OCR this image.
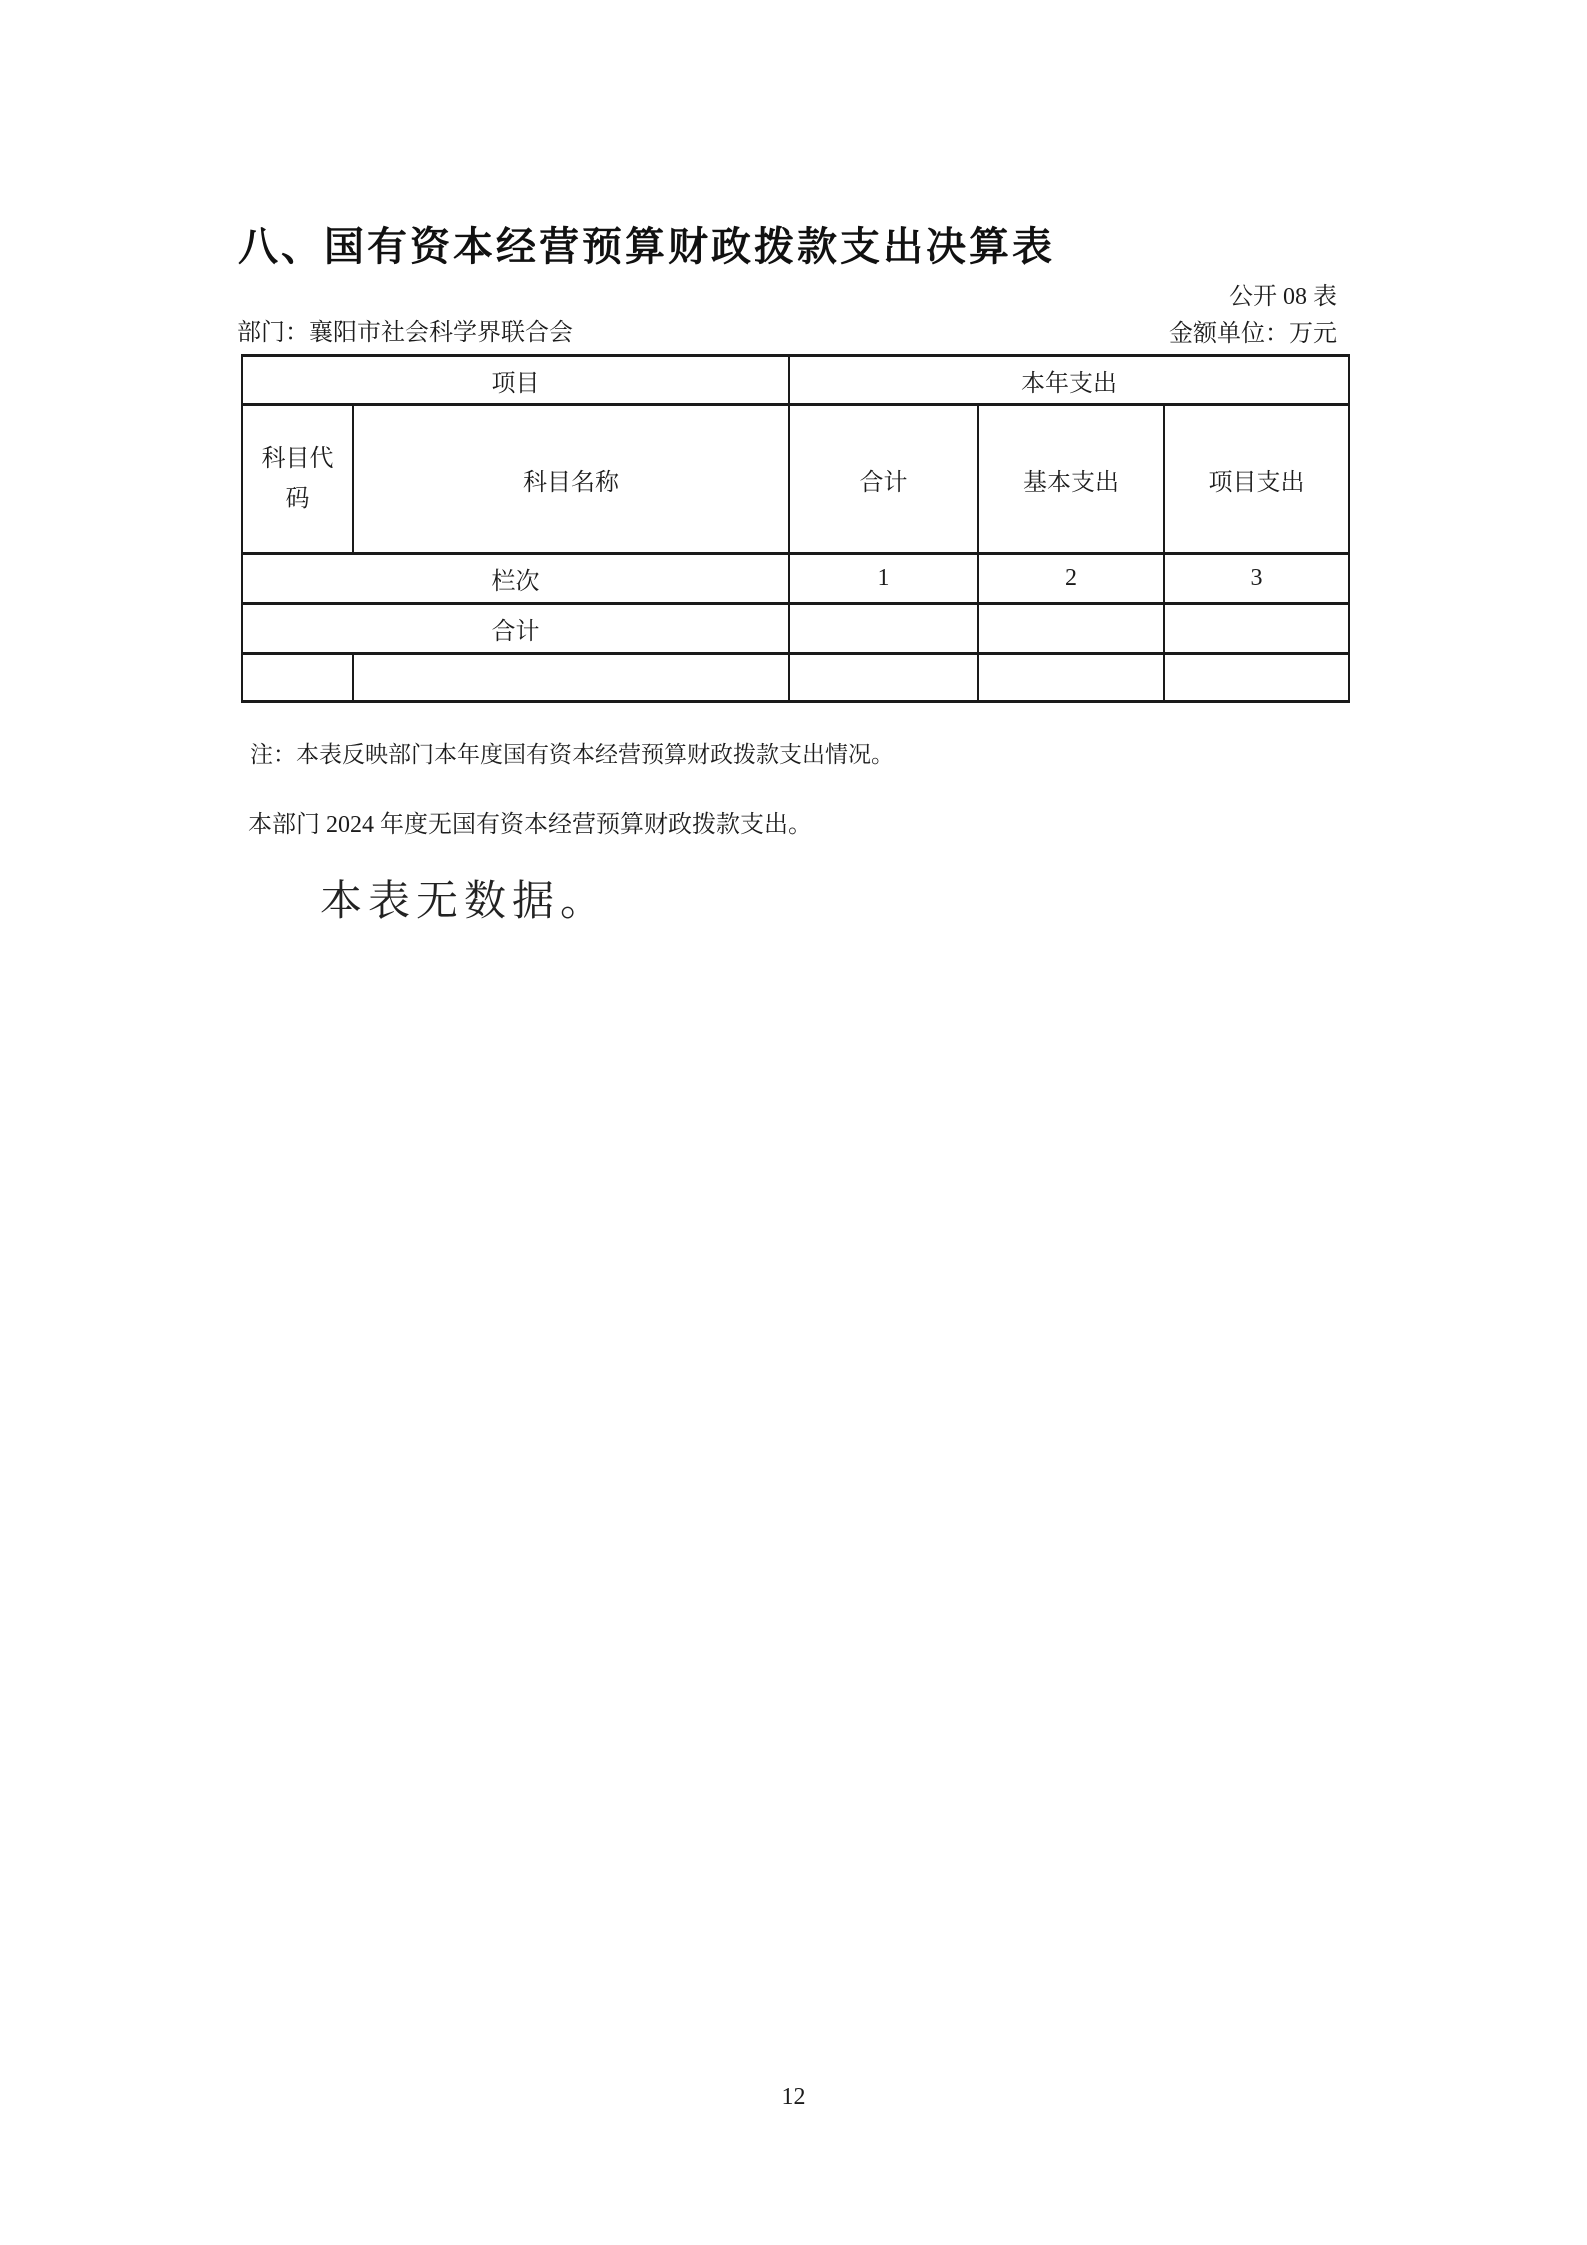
八、国有资本经营预算财政拨款支出决算表
公开 08 表
部门：襄阳市社会科学界联合会	金额单位：万元
项目		本年支出		

科目代码	科目名称	合计	基本支出	项目支出
栏次		1	2	3
合计				

注：本表反映部门本年度国有资本经营预算财政拨款支出情况。
本部门 2024 年度无国有资本经营预算财政拨款支出。
本表无数据。
12
